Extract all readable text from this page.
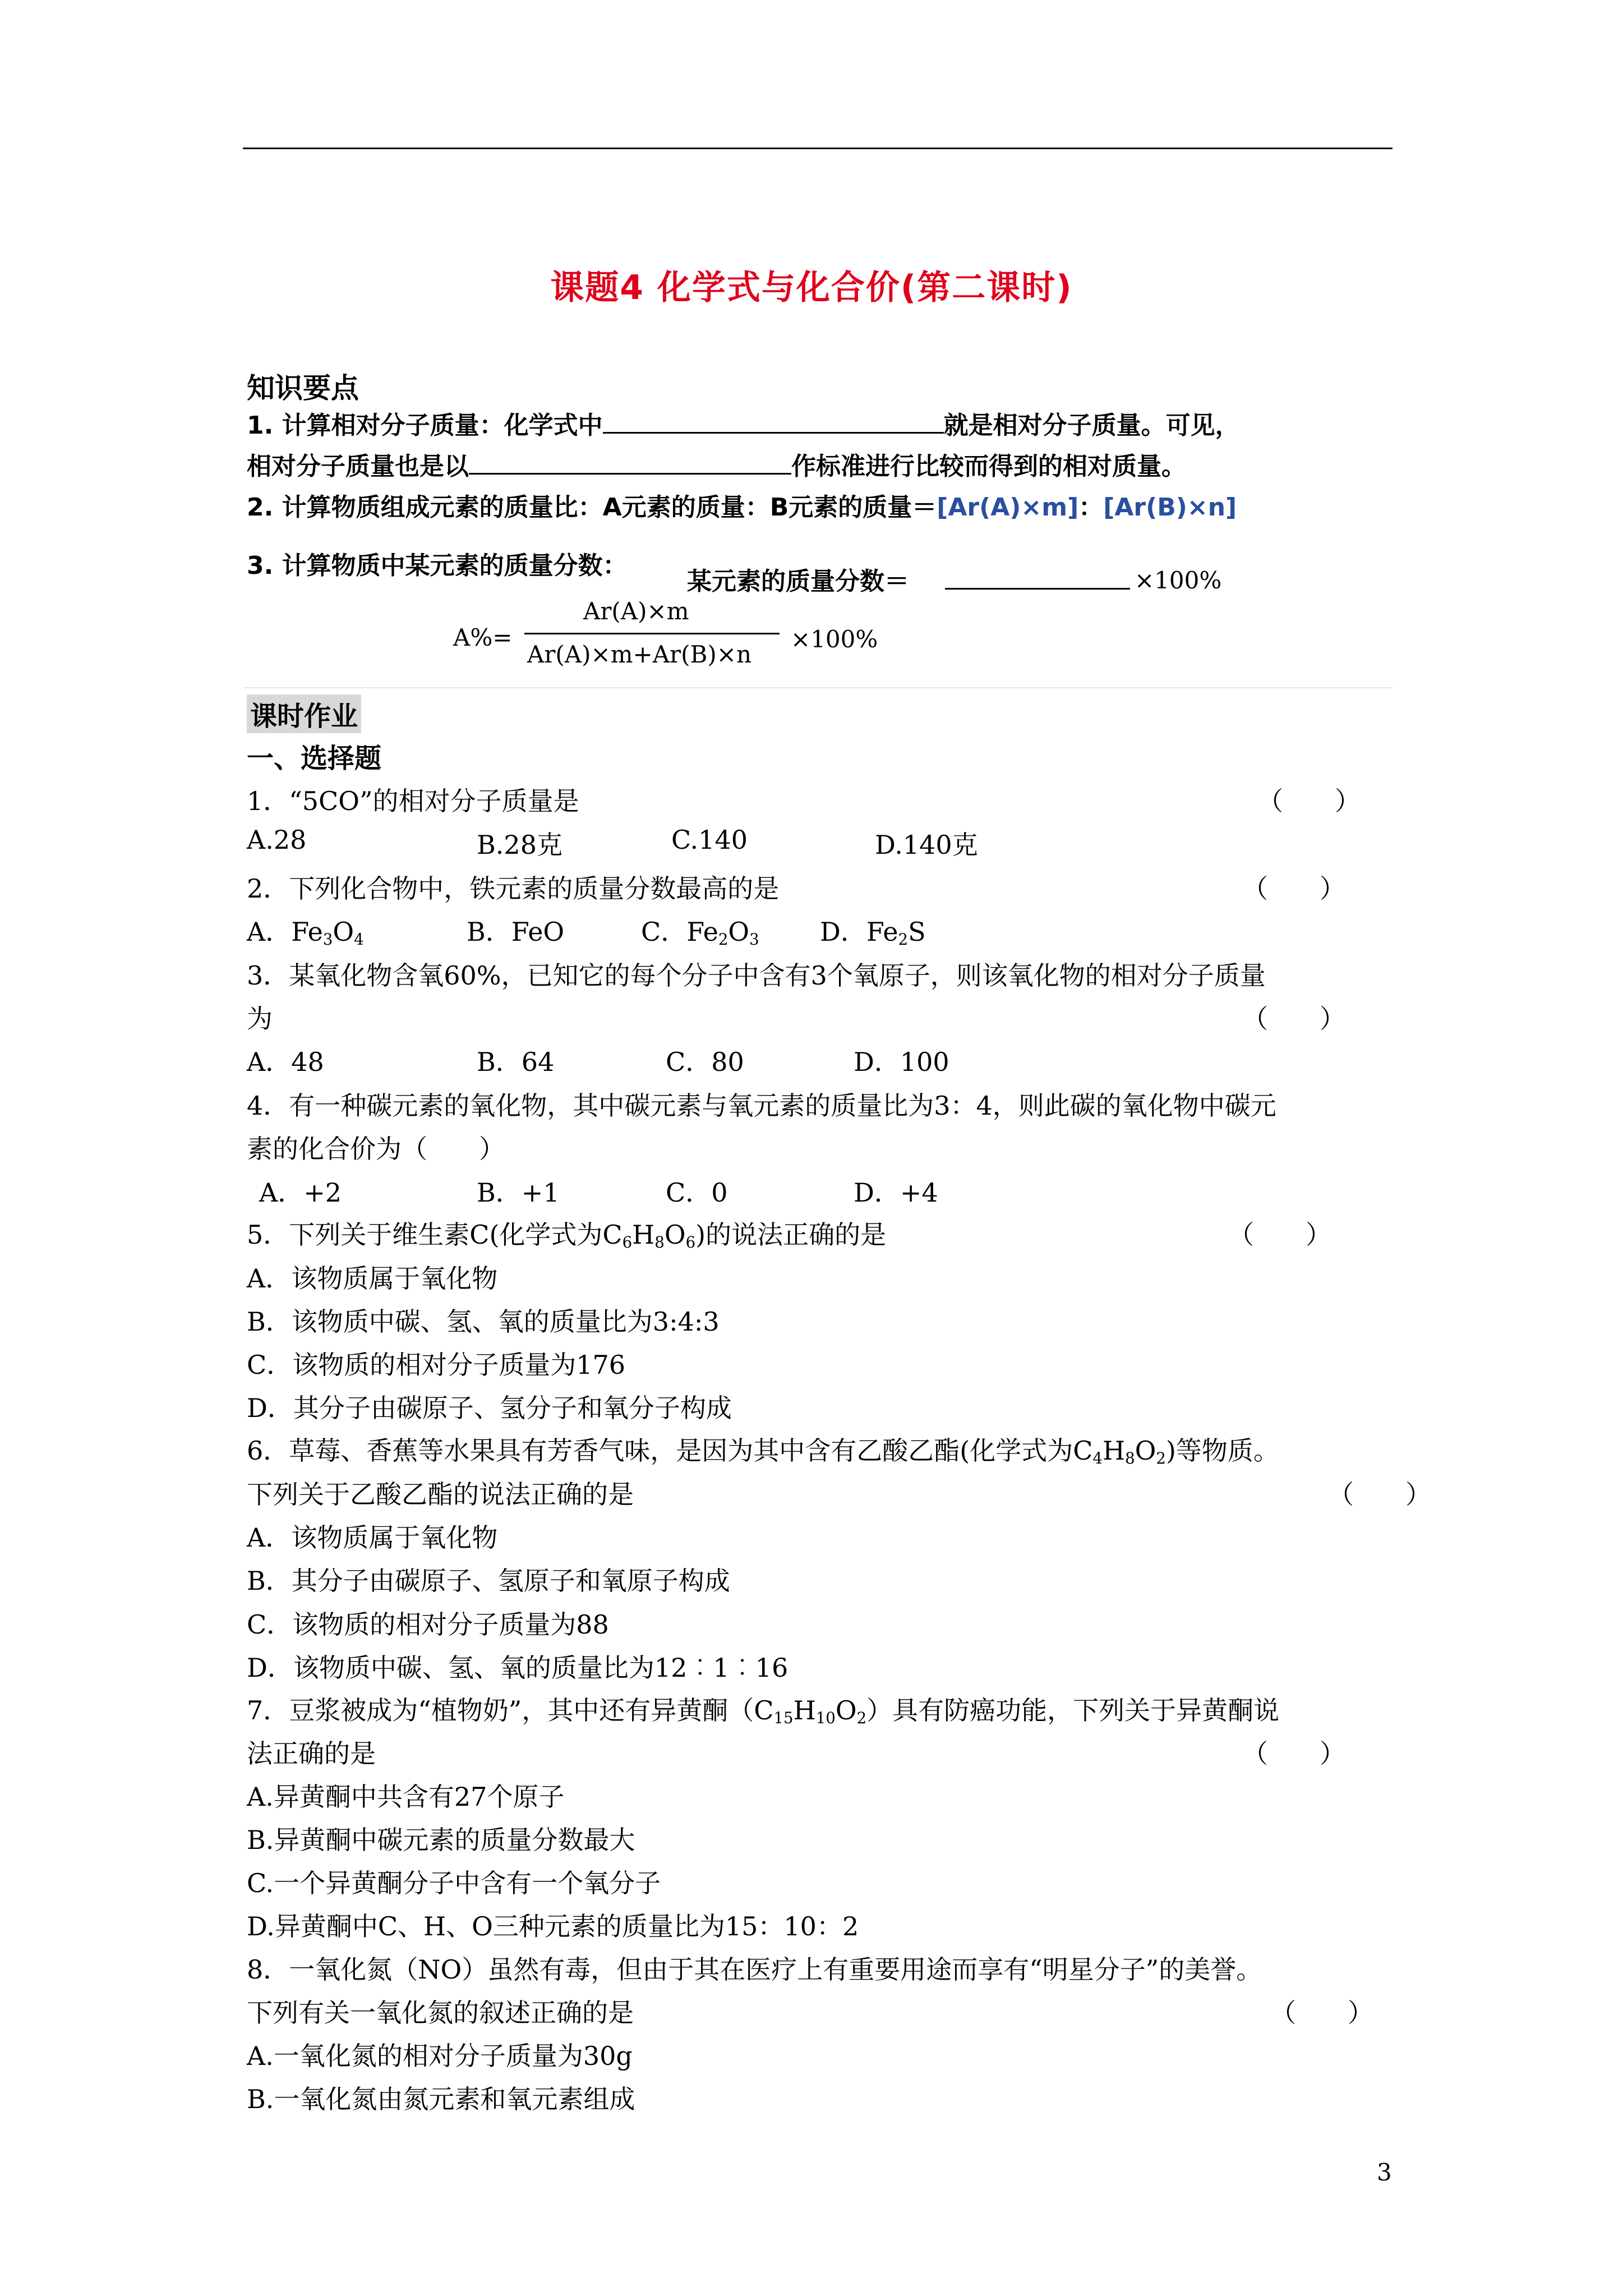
课题4 化学式与化合价(第二课时)
知识要点
1. 计算相对分子质量：化学式中	就是相对分子质量。可见，
相对分子质量也是以	作标准进行比较而得到的相对质量。
2. 计算物质组成元素的质量比：A元素的质量：B元素的质量＝[Ar(A)×m]：[Ar(B)×n]
3. 计算物质中某元素的质量分数：
某元素的质量分数＝	×100%
Ar(A)×m
A%=
Ar(A)×m+Ar(B)×n
×100%
课时作业
一、选择题
1．“5CO”的相对分子质量是	（　　）
A.28	B.28克	C.140	D.140克
2．下列化合物中，铁元素的质量分数最高的是	（　　）
A．$Fe_3O_4$	B．FeO	C．$Fe_2O_3$ D．$Fe_2S$
3．某氧化物含氧60%，已知它的每个分子中含有3个氧原子，则该氧化物的相对分子质量
为	（　　）
A．48	B．64	C．80	D．100
4．有一种碳元素的氧化物，其中碳元素与氧元素的质量比为3：4，则此碳的氧化物中碳元
素的化合价为（　　）
A．+2	B．+1	C．0	D．+4
5．下列关于维生素C(化学式为$C_6H_8O_6$)的说法正确的是	（　　）
A．该物质属于氧化物
B．该物质中碳、氢、氧的质量比为3:4:3
C．该物质的相对分子质量为176
D．其分子由碳原子、氢分子和氧分子构成
6．草莓、香蕉等水果具有芳香气味，是因为其中含有乙酸乙酯(化学式为$C_4H_8O_2$)等物质。
下列关于乙酸乙酯的说法正确的是	（　　）
A．该物质属于氧化物
B．其分子由碳原子、氢原子和氧原子构成
C．该物质的相对分子质量为88
D．该物质中碳、氢、氧的质量比为12︰1︰16
7．豆浆被成为“植物奶”，其中还有异黄酮$(C_{15}H_{10}O_2)$具有防癌功能，下列关于异黄酮说
法正确的是	（　　）
A.异黄酮中共含有27个原子
B.异黄酮中碳元素的质量分数最大
C.一个异黄酮分子中含有一个氧分子
D.异黄酮中C、H、O三种元素的质量比为15：10：2
8．一氧化氮（NO）虽然有毒，但由于其在医疗上有重要用途而享有“明星分子”的美誉。
下列有关一氧化氮的叙述正确的是	（　　）
A.一氧化氮的相对分子质量为30g
B.一氧化氮由氮元素和氧元素组成
3
